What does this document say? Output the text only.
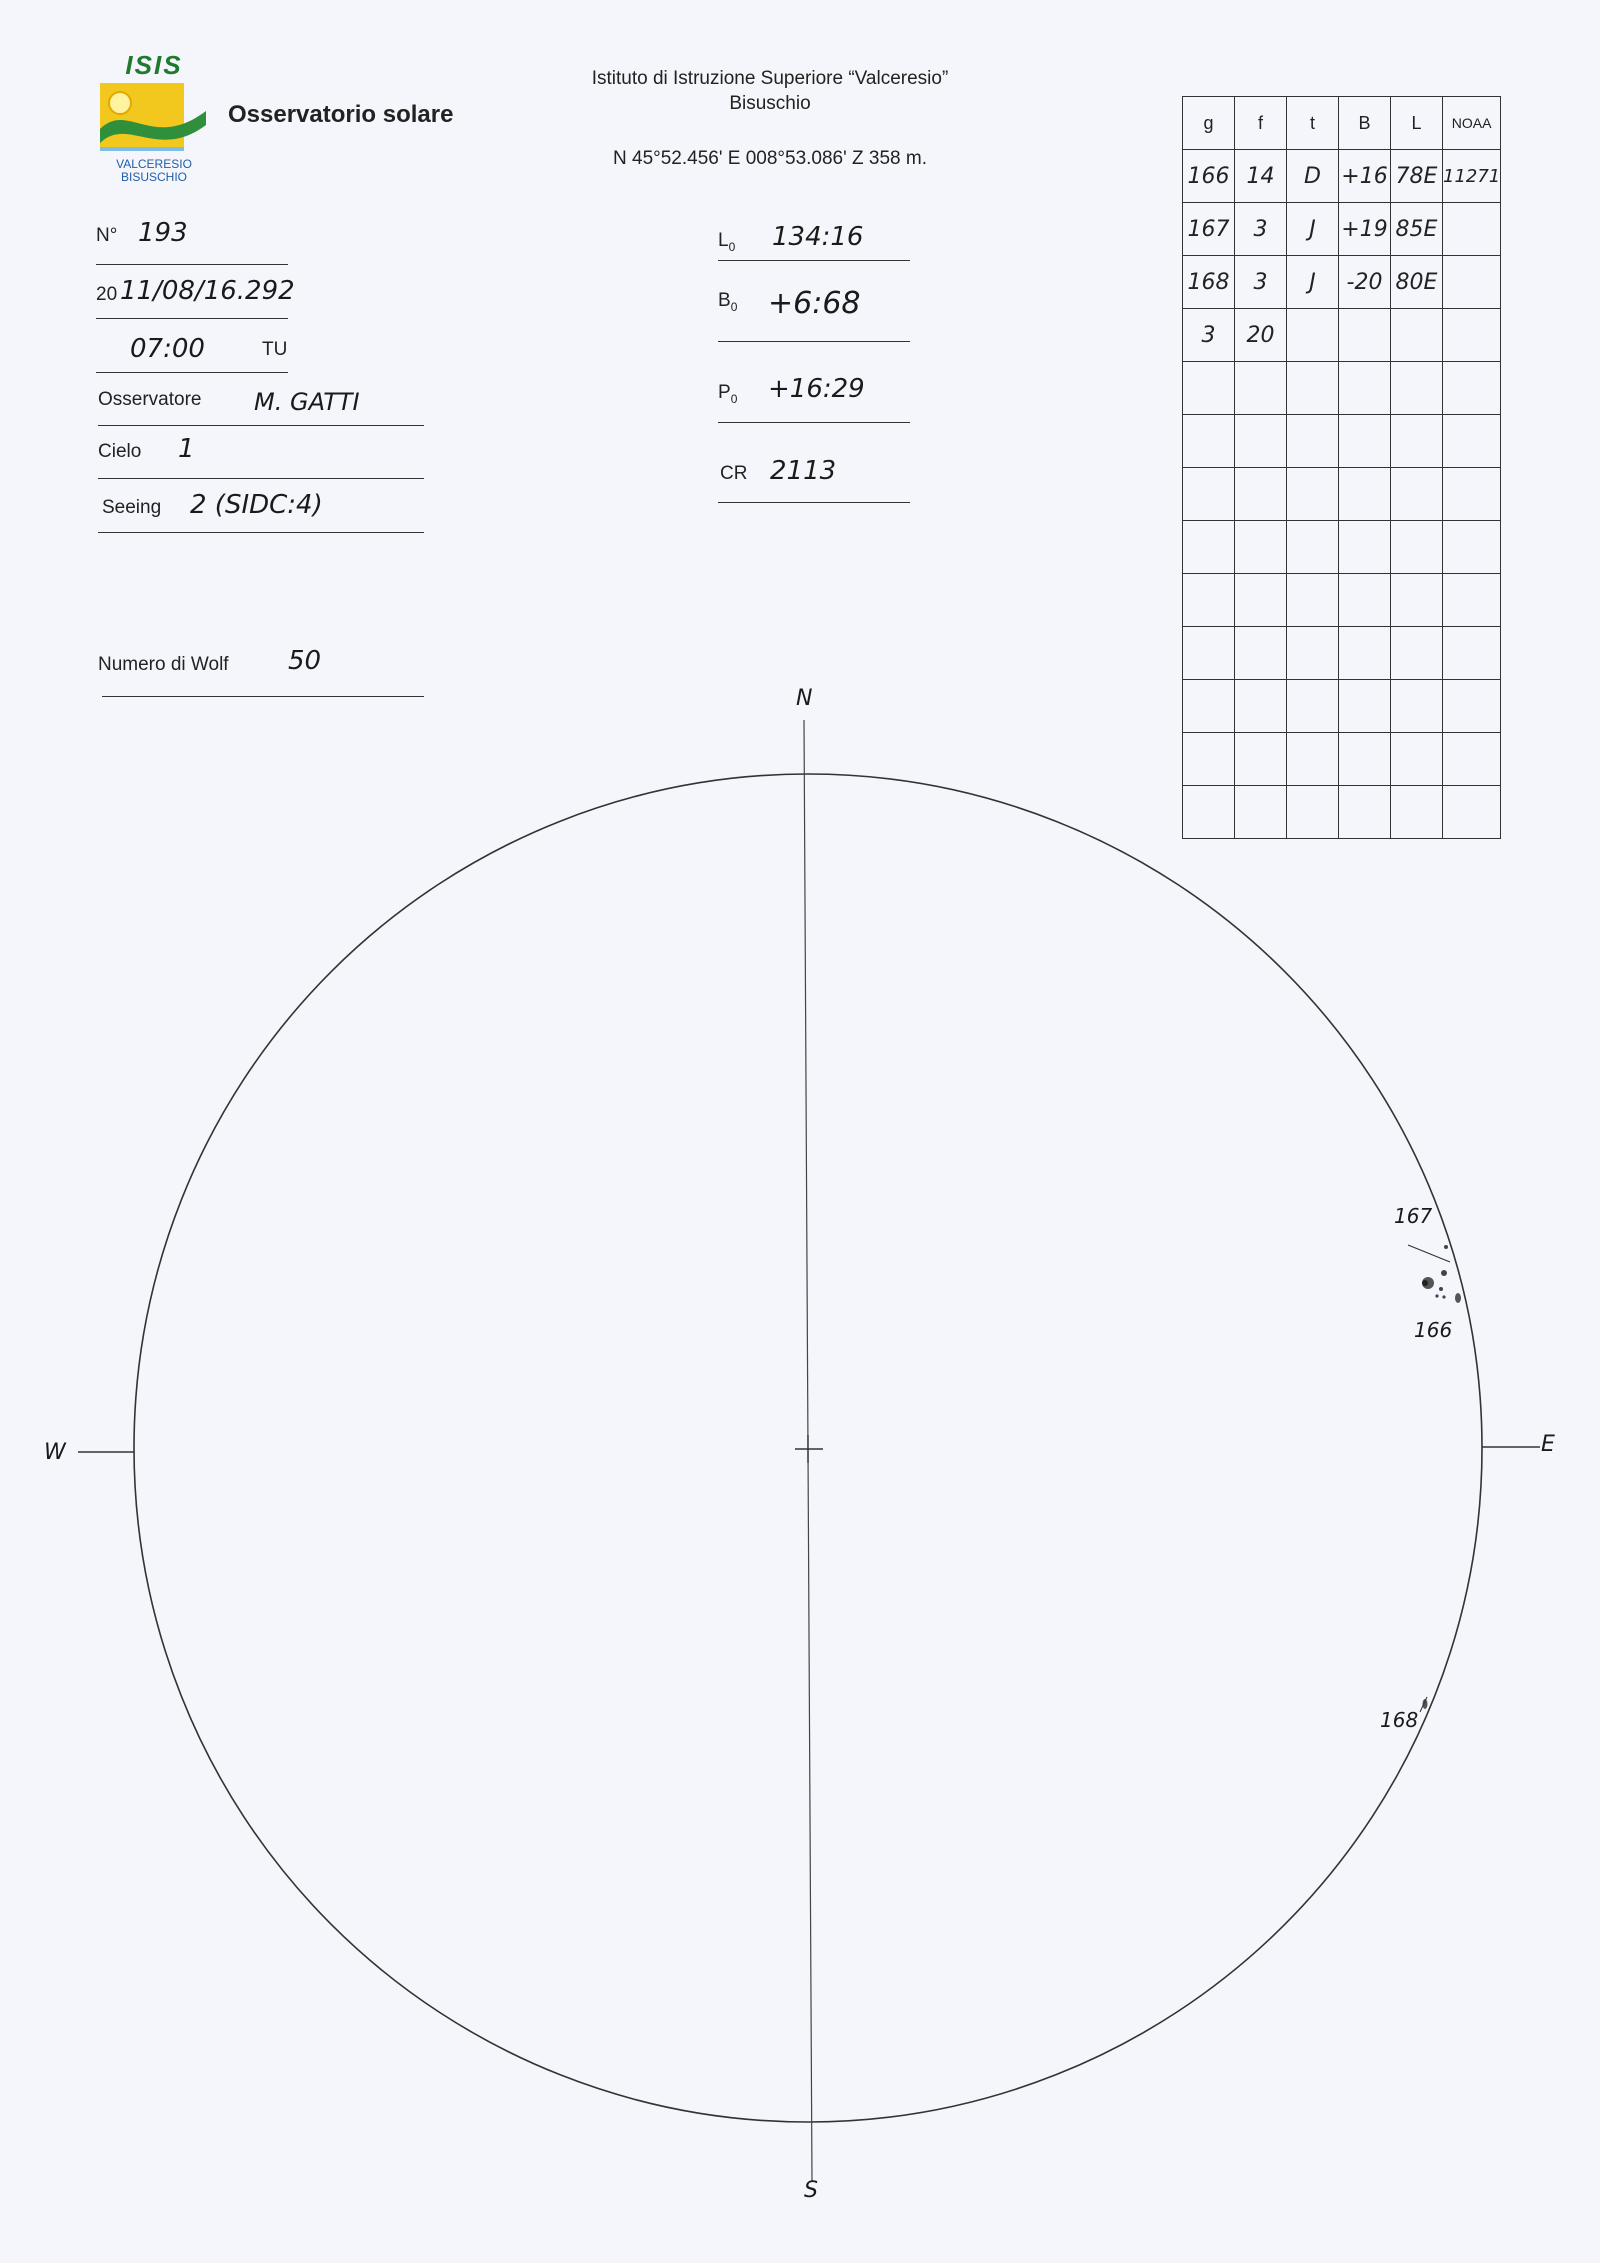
ISIS
VALCERESIO
BISUSCHIO
Osservatorio solare
Istituto di Istruzione Superiore “Valceresio”
Bisuschio
N 45°52.456' E 008°53.086' Z 358 m.
N° 193
20 11/08/16.292
07:00	TU
Osservatore M. GATTI
Cielo 1
Seeing 2 (SIDC:4)
Numero di Wolf 50
$L_0$ 134:16
$B_0$ +6:68
$P_0$ +16:29
CR 2113
g	f	t	B	L	NOAA
166	14	D	+16	78E	11271
167	3	J	+19	85E	
168	3	J	-20	80E	
3	20				

N
S
E
W
167
166
168
